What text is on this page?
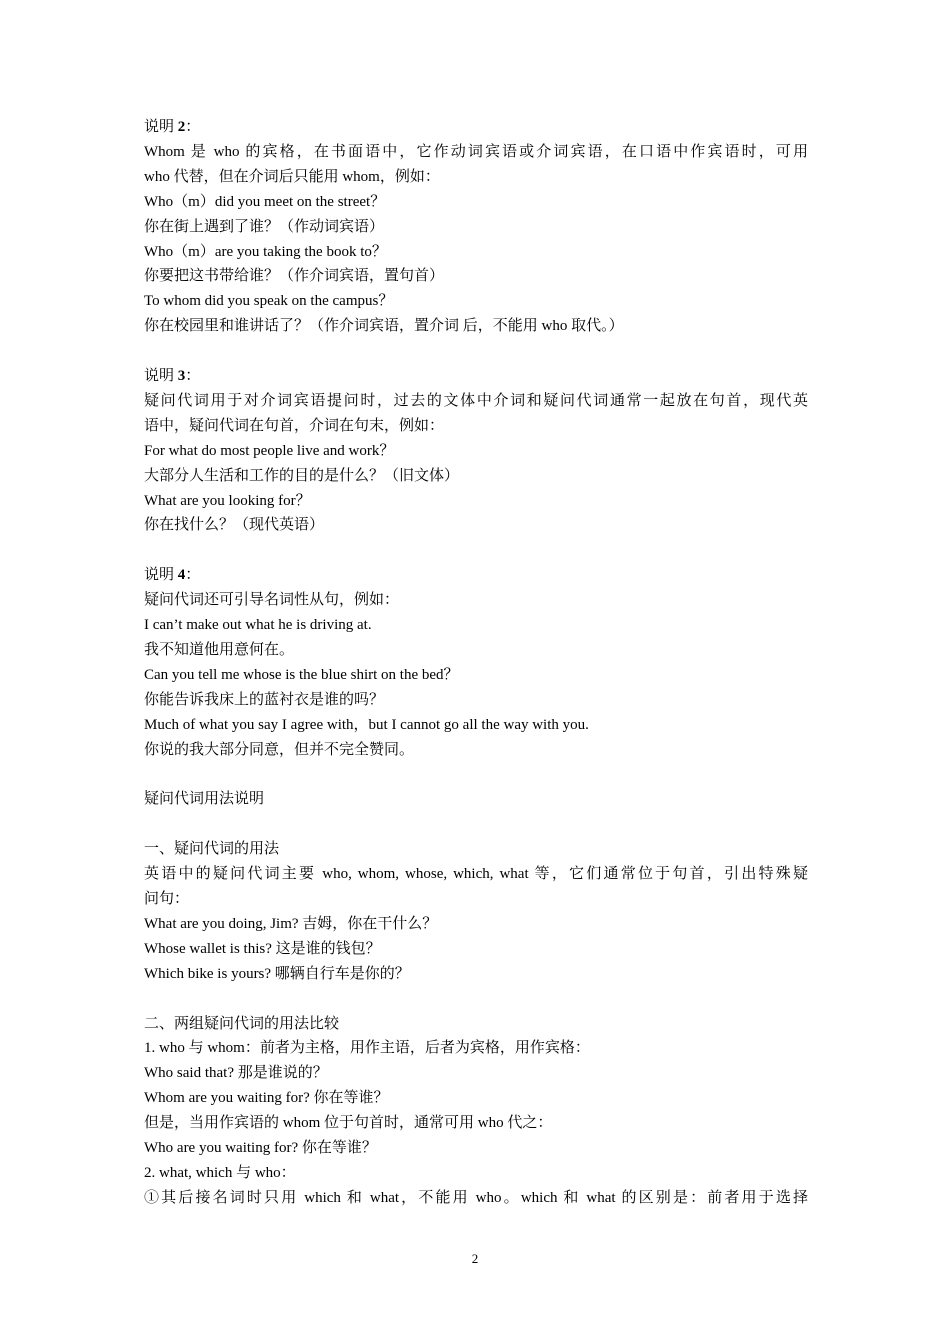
说明 2：
Whom 是 who 的宾格，在书面语中，它作动词宾语或介词宾语，在口语中作宾语时，可用
who 代替，但在介词后只能用 whom，例如：
Who（m）did you meet on the street？
你在街上遇到了谁？（作动词宾语）
Who（m）are you taking the book to？
你要把这书带给谁？（作介词宾语，置句首）
To whom did you speak on the campus？
你在校园里和谁讲话了？（作介词宾语，置介词 后，不能用 who 取代。）
说明 3：
疑问代词用于对介词宾语提问时，过去的文体中介词和疑问代词通常一起放在句首，现代英
语中，疑问代词在句首，介词在句末，例如：
For what do most people live and work？
大部分人生活和工作的目的是什么？（旧文体）
What are you looking for？
你在找什么？（现代英语）
说明 4：
疑问代词还可引导名词性从句，例如：
I can’t make out what he is driving at.
我不知道他用意何在。
Can you tell me whose is the blue shirt on the bed？
你能告诉我床上的蓝衬衣是谁的吗？
Much of what you say I agree with，but I cannot go all the way with you.
你说的我大部分同意，但并不完全赞同。
疑问代词用法说明
一、疑问代词的用法
英语中的疑问代词主要 who, whom, whose, which, what 等，它们通常位于句首，引出特殊疑
问句：
What are you doing, Jim? 吉姆，你在干什么？
Whose wallet is this? 这是谁的钱包？
Which bike is yours? 哪辆自行车是你的？
二、两组疑问代词的用法比较
1. who 与 whom：前者为主格，用作主语，后者为宾格，用作宾格：
Who said that? 那是谁说的？
Whom are you waiting for? 你在等谁？
但是，当用作宾语的 whom 位于句首时，通常可用 who 代之：
Who are you waiting for? 你在等谁？
2. what, which 与 who：
①其后接名词时只用 which 和 what，不能用 who。which 和 what 的区别是：前者用于选择
2
